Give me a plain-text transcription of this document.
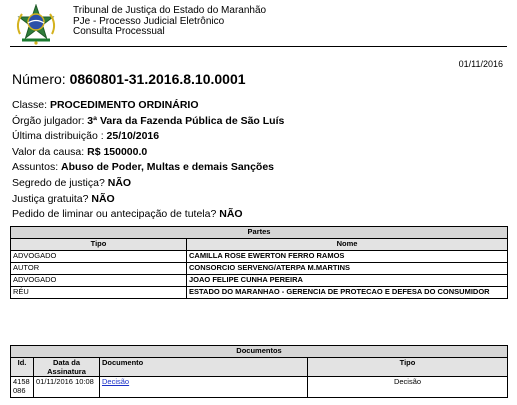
Tribunal de Justiça do Estado do Maranhão
PJe - Processo Judicial Eletrônico
Consulta Processual
01/11/2016
Número: 0860801-31.2016.8.10.0001
Classe: PROCEDIMENTO ORDINÁRIO
Órgão julgador: 3ª Vara da Fazenda Pública de São Luís
Última distribuição : 25/10/2016
Valor da causa: R$ 150000.0
Assuntos: Abuso de Poder, Multas e demais Sanções
Segredo de justiça? NÃO
Justiça gratuita? NÃO
Pedido de liminar ou antecipação de tutela? NÃO
Partes	
Tipo	Nome
ADVOGADO	CAMILLA ROSE EWERTON FERRO RAMOS
AUTOR	CONSORCIO SERVENG/ATERPA M.MARTINS
ADVOGADO	JOAO FELIPE CUNHA PEREIRA
RÉU	ESTADO DO MARANHAO - GERENCIA DE PROTECAO E DEFESA DO CONSUMIDOR
Documentos			
Id.	Data da Assinatura	Documento	Tipo
4158086	01/11/2016 10:08	Decisão	Decisão
